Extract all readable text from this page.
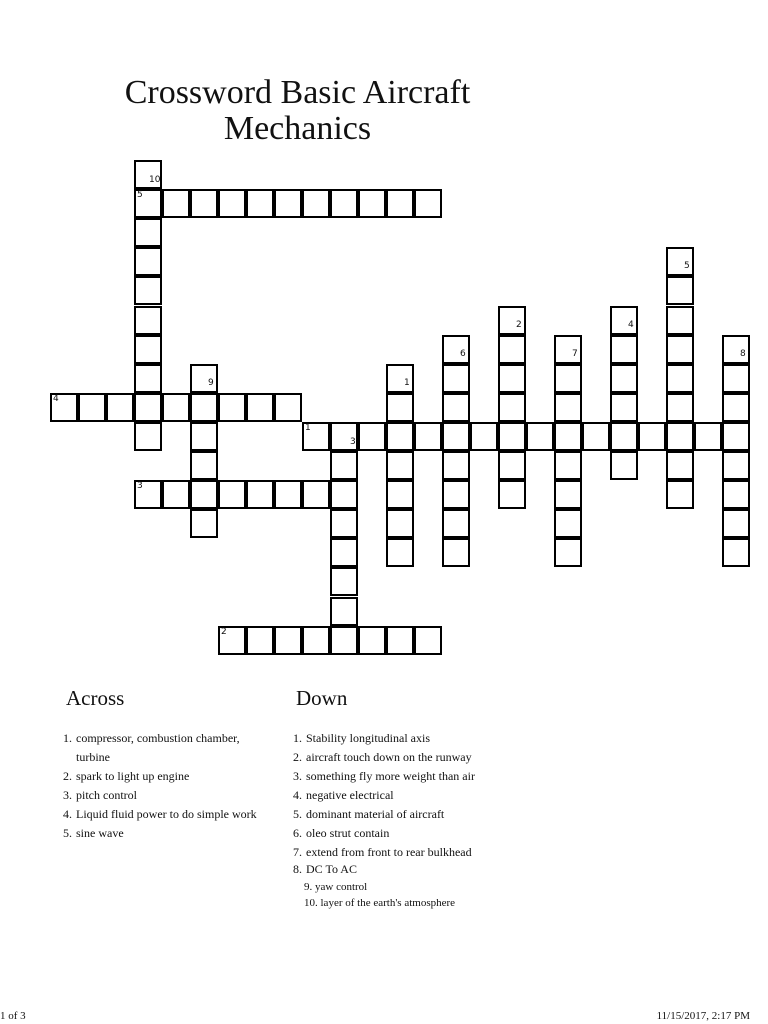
Crossword Basic Aircraft
Mechanics
10
5
5
2	4
6	7	8
9	1
4
1
3
3
2
Across	Down
1. compressor, combustion chamber, turbine
2. spark to light up engine
3. pitch control
4. Liquid fluid power to do simple work
5. sine wave
1. Stability longitudinal axis
2. aircraft touch down on the runway
3. something fly more weight than air
4. negative electrical
5. dominant material of aircraft
6. oleo strut contain
7. extend from front to rear bulkhead
8. DC To AC
9. yaw control
10. layer of the earth's atmosphere
1 of 3	11/15/2017, 2:17 PM
